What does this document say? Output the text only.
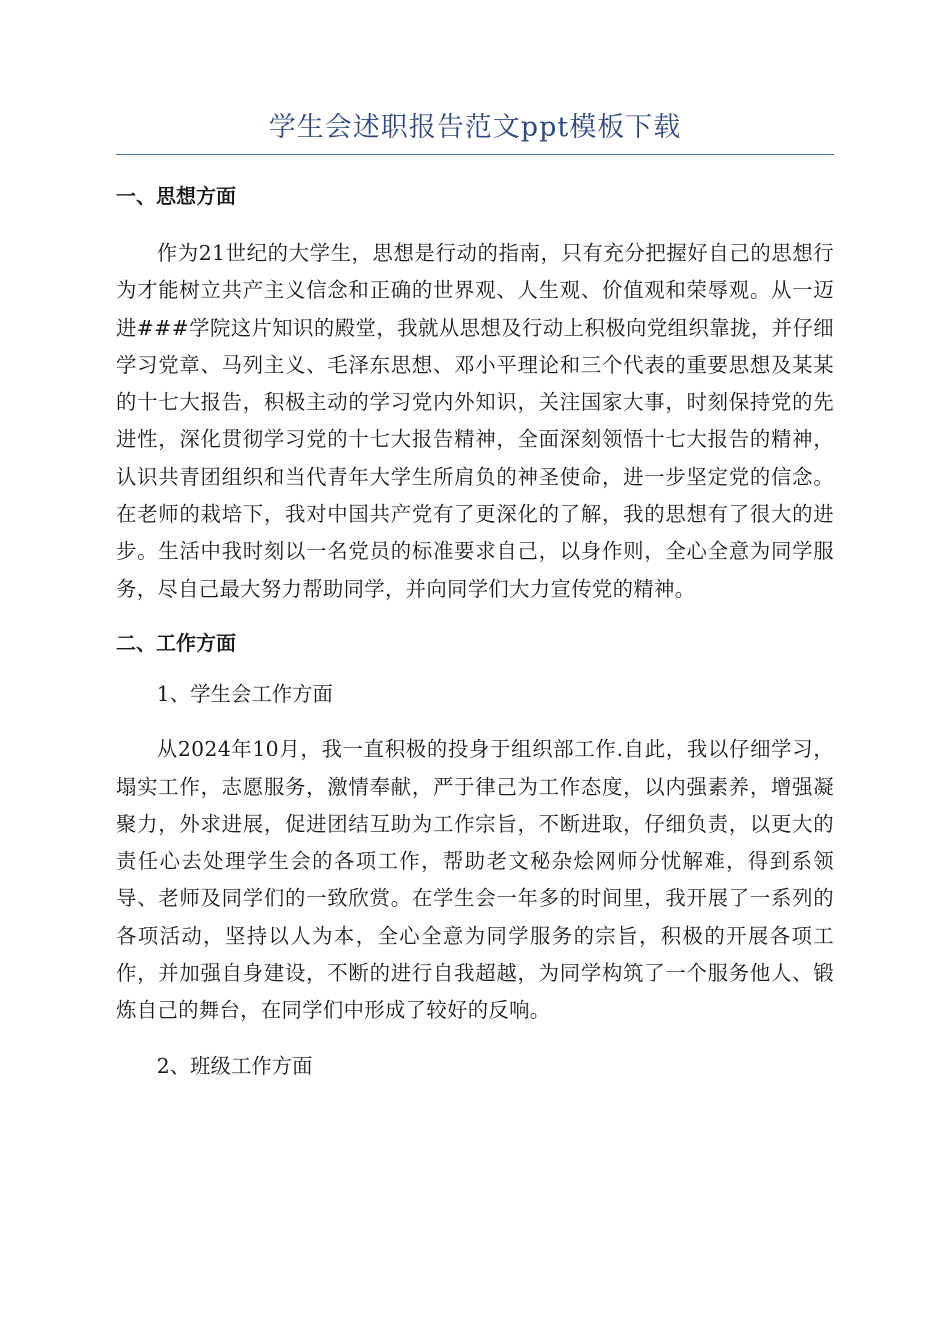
学生会述职报告范文ppt模板下载
一、思想方面

作为21世纪的大学生，思想是行动的指南，只有充分把握好自己的思想行为才能树立共产主义信念和正确的世界观、人生观、价值观和荣辱观。从一迈进###学院这片知识的殿堂，我就从思想及行动上积极向党组织靠拢，并仔细学习党章、马列主义、毛泽东思想、邓小平理论和三个代表的重要思想及某某的十七大报告，积极主动的学习党内外知识，关注国家大事，时刻保持党的先进性，深化贯彻学习党的十七大报告精神，全面深刻领悟十七大报告的精神，认识共青团组织和当代青年大学生所肩负的神圣使命，进一步坚定党的信念。在老师的栽培下，我对中国共产党有了更深化的了解，我的思想有了很大的进步。生活中我时刻以一名党员的标准要求自己，以身作则，全心全意为同学服务，尽自己最大努力帮助同学，并向同学们大力宣传党的精神。

二、工作方面

1、学生会工作方面

从2024年10月，我一直积极的投身于组织部工作.自此，我以仔细学习，塌实工作，志愿服务，激情奉献，严于律己为工作态度，以内强素养，增强凝聚力，外求进展，促进团结互助为工作宗旨，不断进取，仔细负责，以更大的责任心去处理学生会的各项工作，帮助老文秘杂烩网师分忧解难，得到系领导、老师及同学们的一致欣赏。在学生会一年多的时间里，我开展了一系列的各项活动，坚持以人为本，全心全意为同学服务的宗旨，积极的开展各项工作，并加强自身建设，不断的进行自我超越，为同学构筑了一个服务他人、锻炼自己的舞台，在同学们中形成了较好的反响。

2、班级工作方面
